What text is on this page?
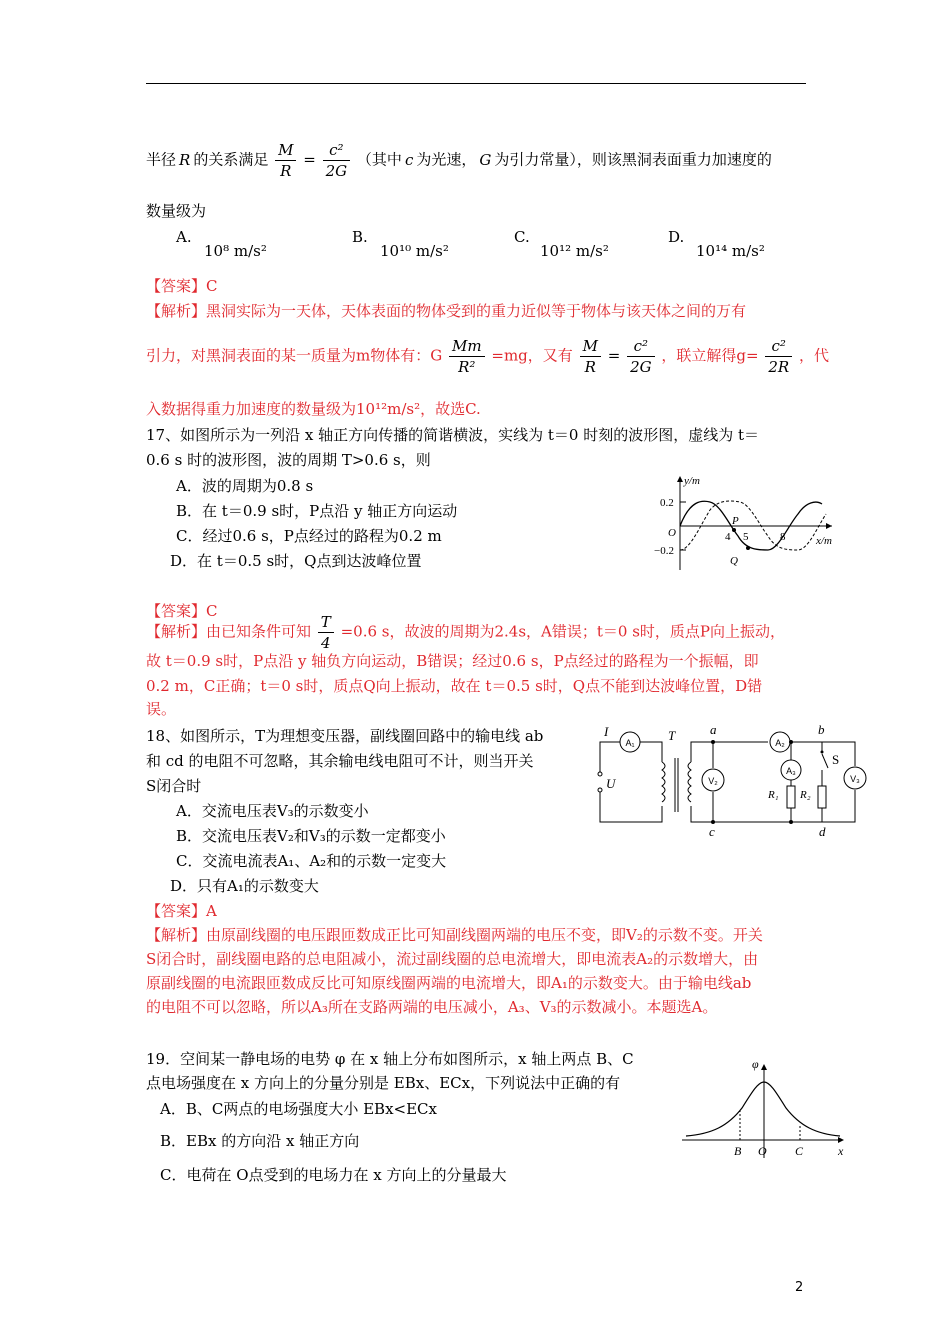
半径 R 的关系满足 $\frac{M}{R} = \frac{\text{c²}}{2G}$ （其中 c 为光速， G 为引力常量），则该黑洞表面重力加速度的
数量级为
A.
10⁸ m/s²
B.
10¹⁰ m/s²
C.
10¹² m/s²
D.
10¹⁴ m/s²
【答案】C
【解析】黑洞实际为一天体，天体表面的物体受到的重力近似等于物体与该天体之间的万有
引力，对黑洞表面的某一质量为m物体有：G $\frac{Mm}{\text{R²}} =mg$，又有 $\frac{M}{R} = \frac{\text{c²}}{2G}$ ，联立解得$g= \frac{\text{c²}}{2R}$ ，代
入数据得重力加速度的数量级为10¹²m/s²，故选C.
17、如图所示为一列沿 x 轴正方向传播的简谐横波，实线为 t＝0 时刻的波形图，虚线为 t＝
0.6 s 时的波形图，波的周期 T>0.6 s，则
A．波的周期为0.8 s
B．在 t＝0.9 s时，P点沿 y 轴正方向运动
C．经过0.6 s，P点经过的路程为0.2 m
D．在 t＝0.5 s时，Q点到达波峰位置
y/m
x/m
0.2
−0.2
O	4 5	8
P
Q
【答案】C
【解析】由已知条件可知 $\frac{T}{4} =0.6$ s，故波的周期为2.4s，A错误；t＝0 s时，质点P向上振动，
故 t＝0.9 s时，P点沿 y 轴负方向运动，B错误；经过0.6 s，P点经过的路程为一个振幅，即
0.2 m，C正确；t＝0 s时，质点Q向上振动，故在 t＝0.5 s时，Q点不能到达波峰位置，D错
误。
18、如图所示，T为理想变压器，副线圈回路中的输电线 ab
和 cd 的电阻不可忽略，其余输电线电阻可不计，则当开关
S闭合时
A．交流电压表V₃的示数变小
B．交流电压表V₂和V₃的示数一定都变小
C．交流电流表A₁、A₂和的示数一定变大
D．只有A₁的示数变大
I	T
U
a	b
c	d
S
R₁ R₂
A₁	A₂
A₃
V₂	V₃
【答案】A
【解析】由原副线圈的电压跟匝数成正比可知副线圈两端的电压不变，即V₂的示数不变。开关
S闭合时，副线圈电路的总电阻减小，流过副线圈的总电流增大，即电流表A₂的示数增大，由
原副线圈的电流跟匝数成反比可知原线圈两端的电流增大，即A₁的示数变大。由于输电线ab
的电阻不可以忽略，所以A₃所在支路两端的电压减小，A₃、V₃的示数减小。本题选A。
19．空间某一静电场的电势 φ 在 x 轴上分布如图所示，x 轴上两点 B、C
点电场强度在 x 方向上的分量分别是 EBx、ECx，下列说法中正确的有
A．B、C两点的电场强度大小 EBx<ECx
B．EBx 的方向沿 x 轴正方向
C．电荷在 O点受到的电场力在 x 方向上的分量最大
φ
B O C	x
2
